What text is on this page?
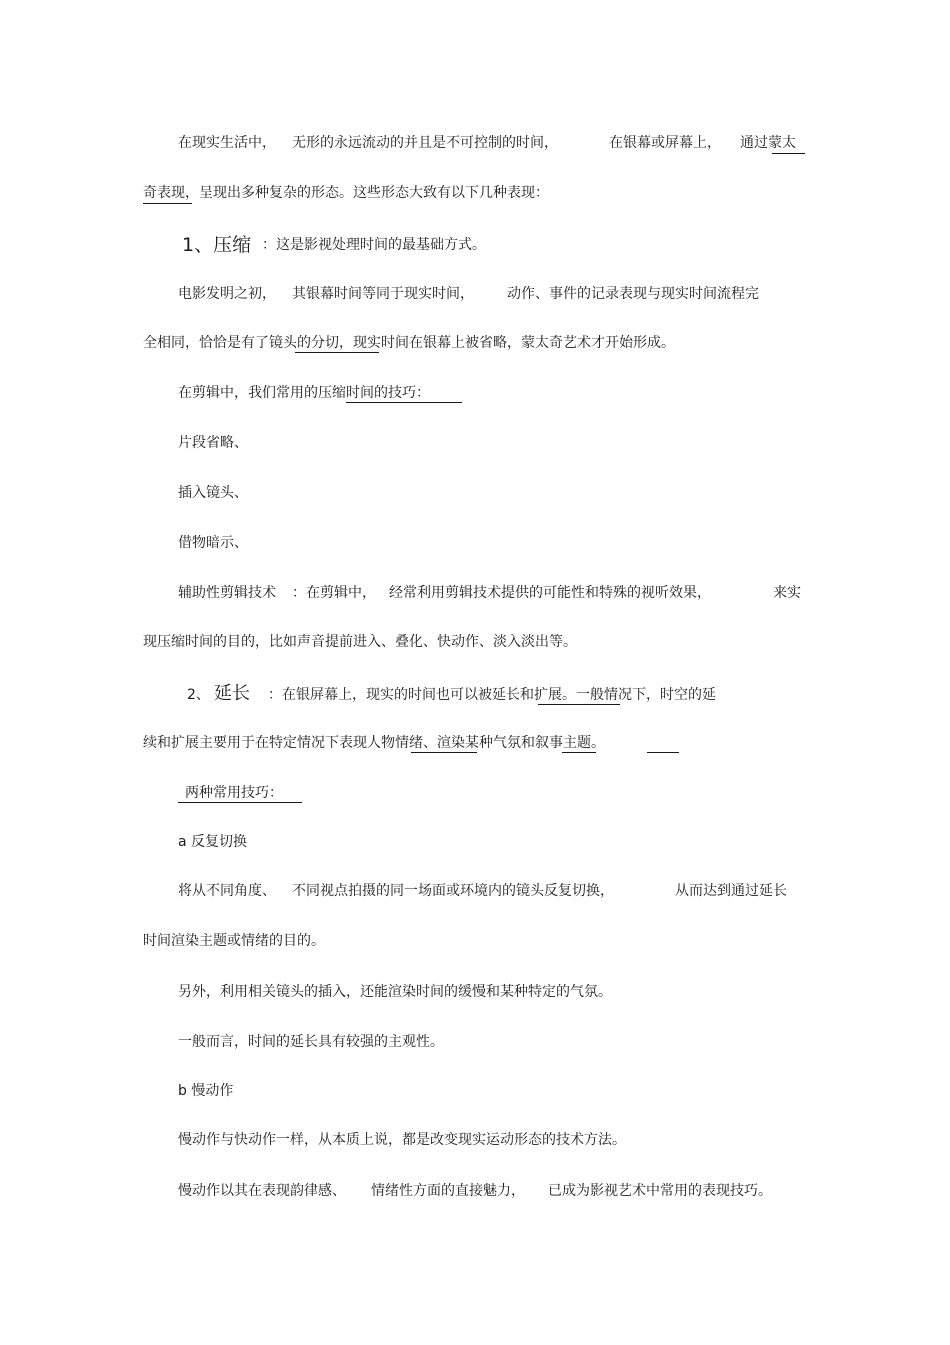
在现实生活中， 无形的永远流动的并且是不可控制的时间，	在银幕或屏幕上， 通过蒙太
奇表现，呈现出多种复杂的形态。这些形态大致有以下几种表现：
1、压缩 ：这是影视处理时间的最基础方式。
电影发明之初， 其银幕时间等同于现实时间， 动作、事件的记录表现与现实时间流程完
全相同，恰恰是有了镜头的分切，现实时间在银幕上被省略，蒙太奇艺术才开始形成。
在剪辑中，我们常用的压缩时间的技巧：
片段省略、
插入镜头、
借物暗示、
辅助性剪辑技术 ：在剪辑中， 经常利用剪辑技术提供的可能性和特殊的视听效果，	来实
现压缩时间的目的，比如声音提前进入、叠化、快动作、淡入淡出等。
2、 延长 ：在银屏幕上，现实的时间也可以被延长和扩展。一般情况下，时空的延
续和扩展主要用于在特定情况下表现人物情绪、渲染某种气氛和叙事主题。
两种常用技巧：
a 反复切换
将从不同角度、 不同视点拍摄的同一场面或环境内的镜头反复切换，	从而达到通过延长
时间渲染主题或情绪的目的。
另外，利用相关镜头的插入，还能渲染时间的缓慢和某种特定的气氛。
一般而言，时间的延长具有较强的主观性。
b 慢动作
慢动作与快动作一样，从本质上说，都是改变现实运动形态的技术方法。
慢动作以其在表现韵律感、 情绪性方面的直接魅力， 已成为影视艺术中常用的表现技巧。
